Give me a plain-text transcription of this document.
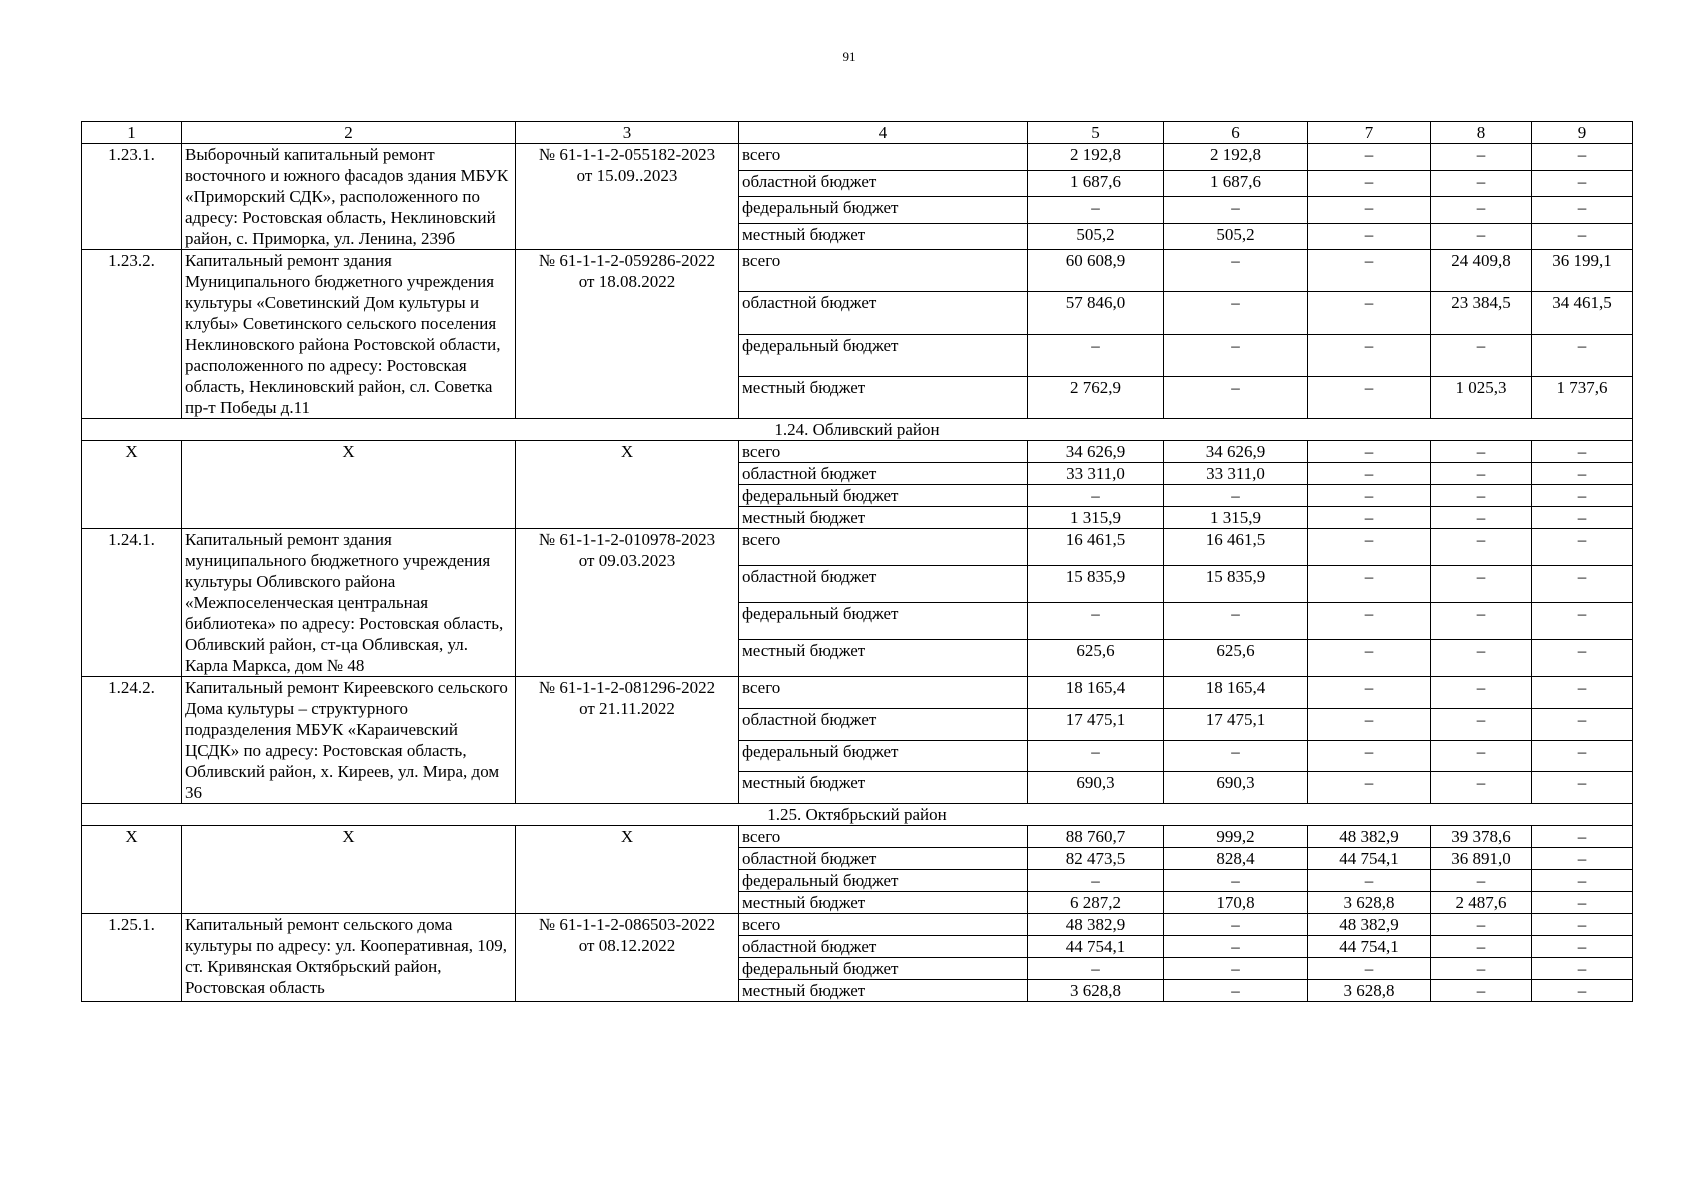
91
1	2	3	4	5	6	7	8	9
1.23.1.	Выборочный капитальный ремонт восточного и южного фасадов здания МБУК «Приморский СДК», расположенного по адресу: Ростовская область, Неклиновский район, с. Приморка, ул. Ленина, 239б	№ 61-1-1-2-055182-2023
от 15.09..2023	всего	2 192,8	2 192,8	–	–	–
			областной бюджет	1 687,6	1 687,6	–	–	–
			федеральный бюджет	–	–	–	–	–
			местный бюджет	505,2	505,2	–	–	–
1.23.2.	Капитальный ремонт здания Муниципального бюджетного учреждения культуры «Советинский Дом культуры и клубы» Советинского сельского поселения Неклиновского района Ростовской области, расположенного по адресу: Ростовская область, Неклиновский район, сл. Советка пр-т Победы д.11	№ 61-1-1-2-059286-2022
от 18.08.2022	всего	60 608,9	–	–	24 409,8	36 199,1
			областной бюджет	57 846,0	–	–	23 384,5	34 461,5
			федеральный бюджет	–	–	–	–	–
			местный бюджет	2 762,9	–	–	1 025,3	1 737,6
1.24. Обливский район								
X	X	X	всего	34 626,9	34 626,9	–	–	–
			областной бюджет	33 311,0	33 311,0	–	–	–
			федеральный бюджет	–	–	–	–	–
			местный бюджет	1 315,9	1 315,9	–	–	–
1.24.1.	Капитальный ремонт здания муниципального бюджетного учреждения культуры Обливского района «Межпоселенческая центральная библиотека» по адресу: Ростовская область, Обливский район, ст-ца Обливская, ул. Карла Маркса, дом № 48	№ 61-1-1-2-010978-2023
от 09.03.2023	всего	16 461,5	16 461,5	–	–	–
			областной бюджет	15 835,9	15 835,9	–	–	–
			федеральный бюджет	–	–	–	–	–
			местный бюджет	625,6	625,6	–	–	–
1.24.2.	Капитальный ремонт Киреевского сельского Дома культуры – структурного подразделения МБУК «Караичевский ЦСДК» по адресу: Ростовская область, Обливский район, х. Киреев, ул. Мира, дом 36	№ 61-1-1-2-081296-2022
от 21.11.2022	всего	18 165,4	18 165,4	–	–	–
			областной бюджет	17 475,1	17 475,1	–	–	–
			федеральный бюджет	–	–	–	–	–
			местный бюджет	690,3	690,3	–	–	–
1.25. Октябрьский район								
X	X	X	всего	88 760,7	999,2	48 382,9	39 378,6	–
			областной бюджет	82 473,5	828,4	44 754,1	36 891,0	–
			федеральный бюджет	–	–	–	–	–
			местный бюджет	6 287,2	170,8	3 628,8	2 487,6	–
1.25.1.	Капитальный ремонт сельского дома культуры по адресу: ул. Кооперативная, 109, ст. Кривянская Октябрьский район, Ростовская область	№ 61-1-1-2-086503-2022
от 08.12.2022	всего	48 382,9	–	48 382,9	–	–
			областной бюджет	44 754,1	–	44 754,1	–	–
			федеральный бюджет	–	–	–	–	–
			местный бюджет	3 628,8	–	3 628,8	–	–
